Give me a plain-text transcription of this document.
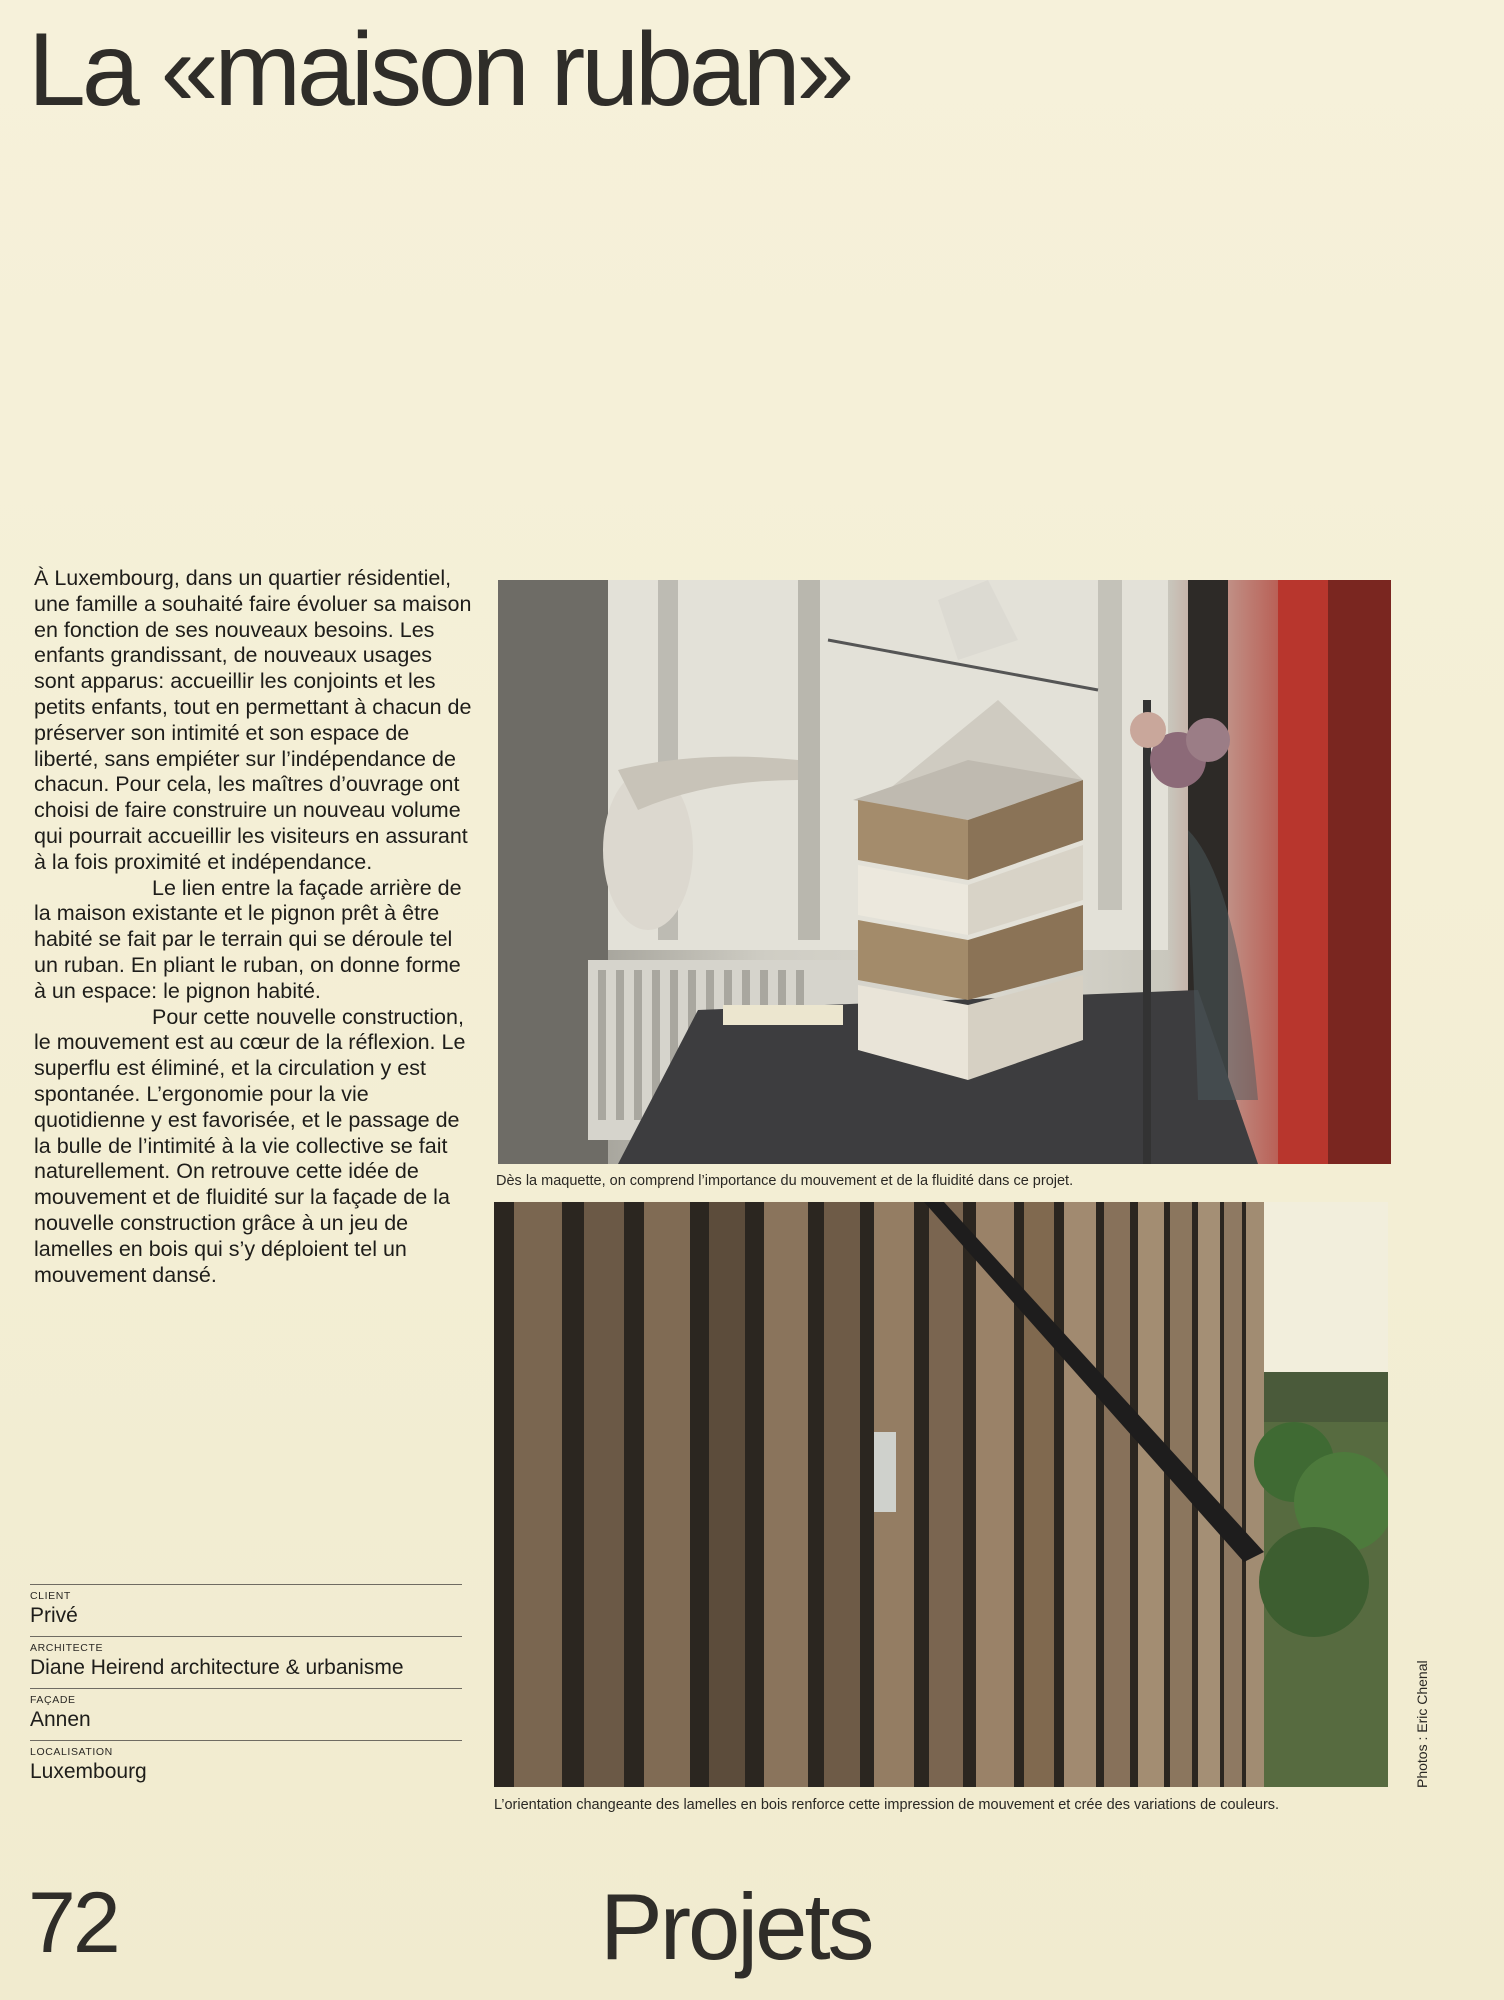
La «maison ruban»

À Luxembourg, dans un quartier résidentiel, une famille a souhaité faire évoluer sa maison en fonction de ses nouveaux besoins. Les enfants grandissant, de nouveaux usages sont apparus: accueillir les conjoints et les petits enfants, tout en permettant à chacun de préserver son intimité et son espace de liberté, sans empiéter sur l’indépendance de chacun. Pour cela, les maîtres d’ouvrage ont choisi de faire construire un nouveau volume qui pourrait accueillir les visiteurs en assurant à la fois proximité et indépendance.

Le lien entre la façade arrière de la maison existante et le pignon prêt à être habité se fait par le terrain qui se déroule tel un ruban. En pliant le ruban, on donne forme à un espace: le pignon habité.

Pour cette nouvelle construction, le mouvement est au cœur de la réflexion. Le superflu est éliminé, et la circulation y est spontanée. L’ergonomie pour la vie quotidienne y est favorisée, et le passage de la bulle de l’intimité à la vie collective se fait naturellement. On retrouve cette idée de mouvement et de fluidité sur la façade de la nouvelle construction grâce à un jeu de lamelles en bois qui s’y déploient tel un mouvement dansé.

Dès la maquette, on comprend l’importance du mouvement et de la fluidité dans ce projet.
L’orientation changeante des lamelles en bois renforce cette impression de mouvement et crée des variations de couleurs.
Photos : Eric Chenal
CLIENT
Privé
ARCHITECTE
Diane Heirend architecture & urbanisme
FAÇADE
Annen
LOCALISATION
Luxembourg
72	Projets
